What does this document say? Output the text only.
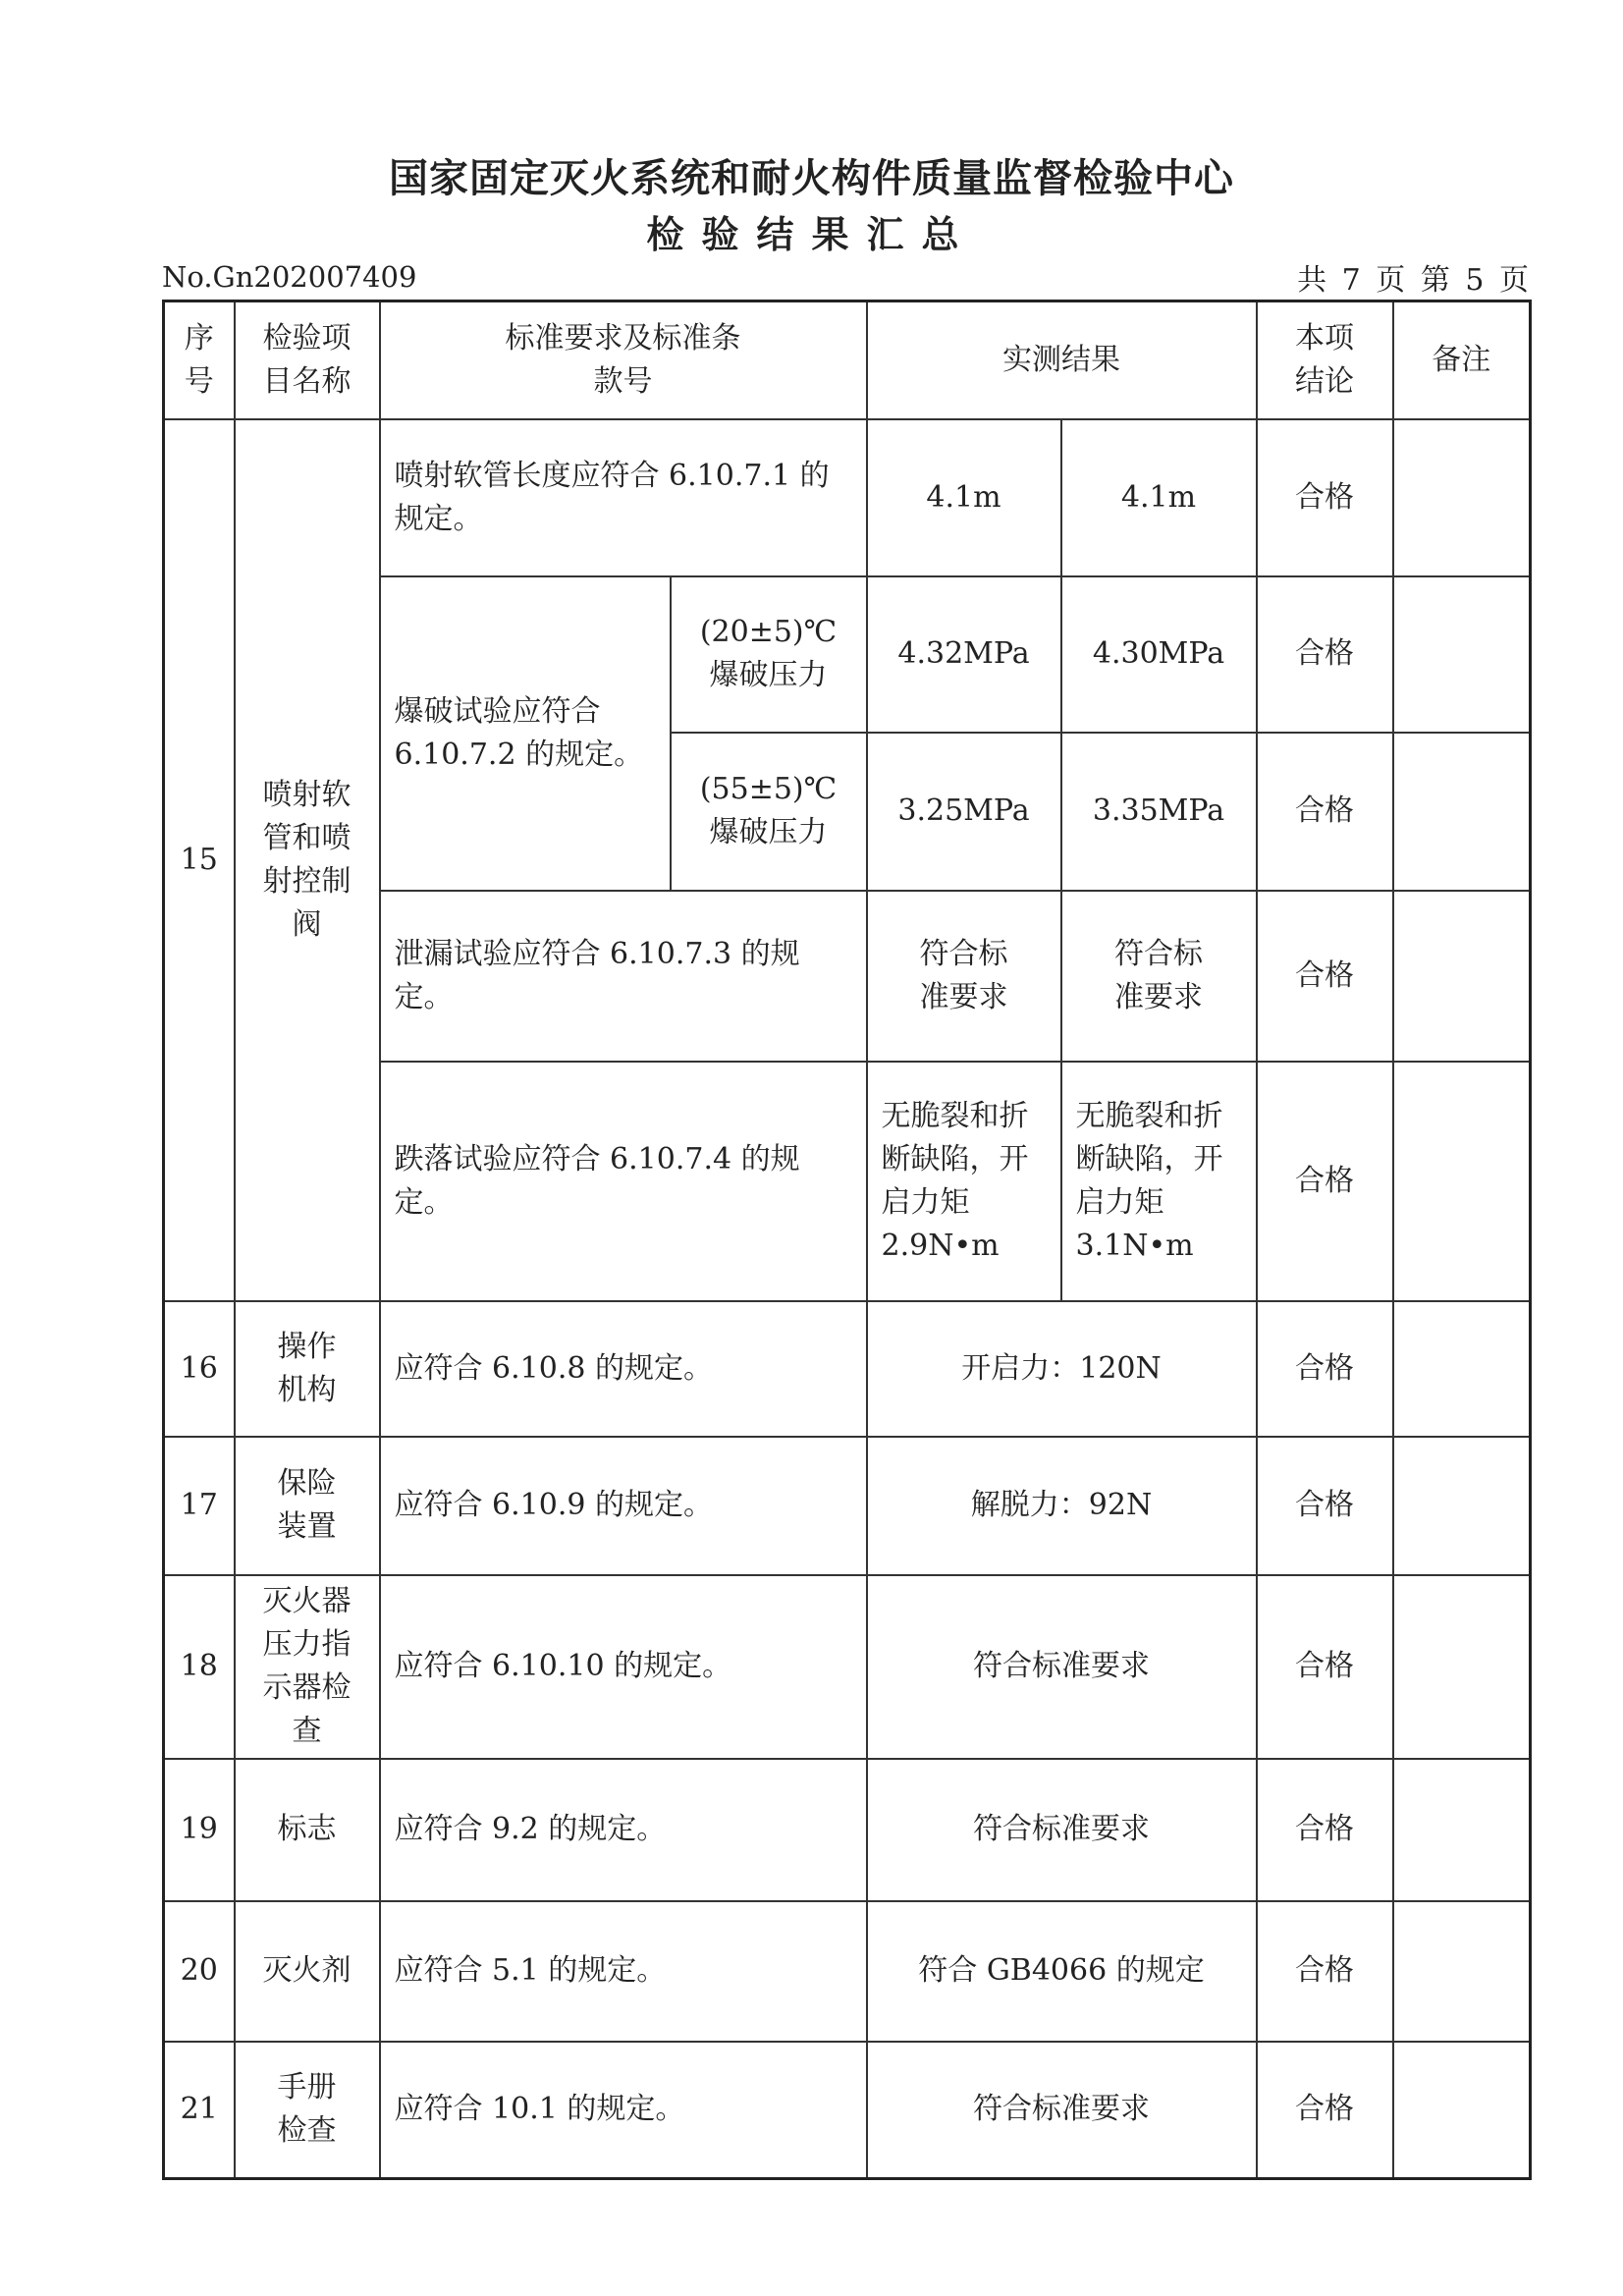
国家固定灭火系统和耐火构件质量监督检验中心
检验结果汇总
No.Gn202007409	共 7 页 第 5 页
序号	检验项目名称	标准要求及标准条款号		实测结果		本项结论	备注
15	喷射软管和喷射控制阀	喷射软管长度应符合 6.10.7.1 的规定。		4.1m	4.1m	合格	
		爆破试验应符合 6.10.7.2 的规定。	(20±5)℃ 爆破压力	4.32MPa	4.30MPa	合格	
			(55±5)℃ 爆破压力	3.25MPa	3.35MPa	合格	
		泄漏试验应符合 6.10.7.3 的规定。		符合标准要求	符合标准要求	合格	
		跌落试验应符合 6.10.7.4 的规定。		无脆裂和折断缺陷，开启力矩 2.9N•m	无脆裂和折断缺陷，开启力矩 3.1N•m	合格	
16	操作机构	应符合 6.10.8 的规定。		开启力：120N		合格	
17	保险装置	应符合 6.10.9 的规定。		解脱力：92N		合格	
18	灭火器压力指示器检查	应符合 6.10.10 的规定。		符合标准要求		合格	
19	标志	应符合 9.2 的规定。		符合标准要求		合格	
20	灭火剂	应符合 5.1 的规定。		符合 GB4066 的规定		合格	
21	手册检查	应符合 10.1 的规定。		符合标准要求		合格	
